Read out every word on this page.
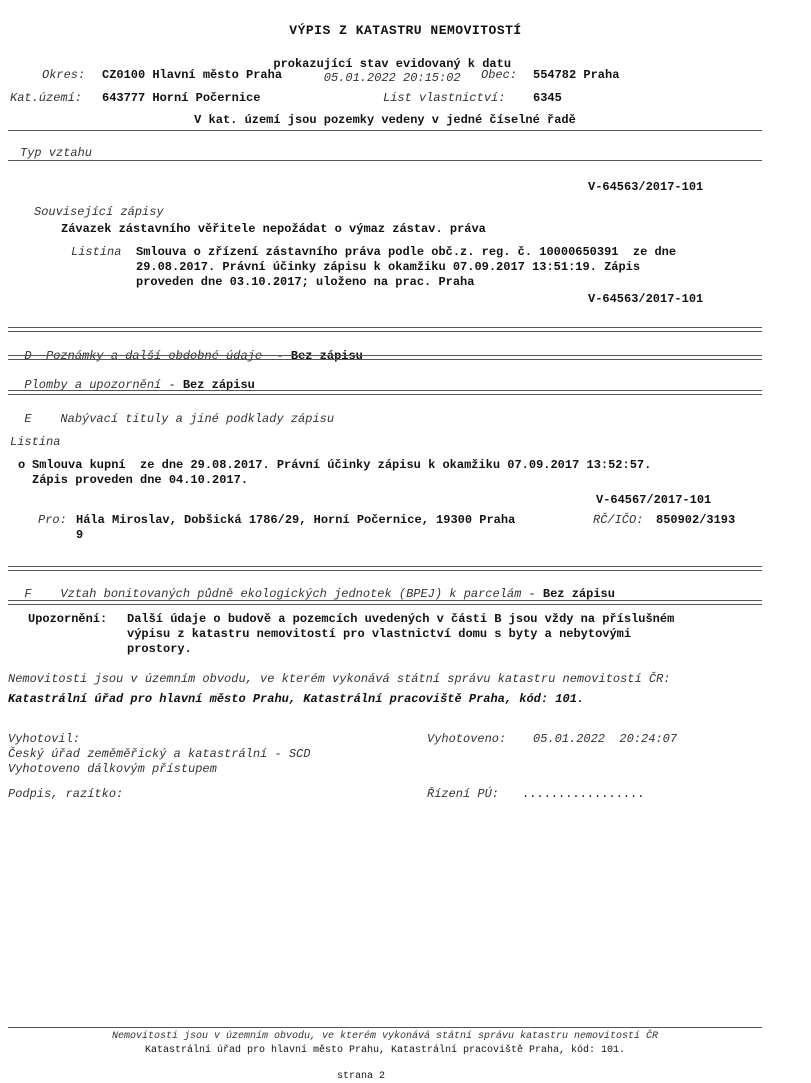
VÝPIS Z KATASTRU NEMOVITOSTÍ

prokazující stav evidovaný k datu
05.01.2022 20:15:02

Okres: CZ0100 Hlavní město Praha	Obec: 554782 Praha
Kat.území: 643777 Horní Počernice	List vlastnictví: 6345
V kat. území jsou pozemky vedeny v jedné číselné řadě
Typ vztahu
V-64563/2017-101
Související zápisy
Závazek zástavního věřitele nepožádat o výmaz zástav. práva
Listina Smlouva o zřízení zástavního práva podle obč.z. reg. č. 10000650391  ze dne
29.08.2017. Právní účinky zápisu k okamžiku 07.09.2017 13:51:19. Zápis
proveden dne 03.10.2017; uloženo na prac. Praha
V-64563/2017-101

D Poznámky a další obdobné údaje - Bez zápisu

Plomby a upozornění - Bez zápisu

E Nabývací tituly a jiné podklady zápisu

Listina
o Smlouva kupní  ze dne 29.08.2017. Právní účinky zápisu k okamžiku 07.09.2017 13:52:57.
Zápis proveden dne 04.10.2017.
V-64567/2017-101
Pro: Hála Miroslav, Dobšická 1786/29, Horní Počernice, 19300 Praha
9
RČ/IČO: 850902/3193

F Vztah bonitovaných půdně ekologických jednotek (BPEJ) k parcelám - Bez zápisu

Upozornění: Další údaje o budově a pozemcích uvedených v části B jsou vždy na příslušném
výpisu z katastru nemovitostí pro vlastnictví domu s byty a nebytovými
prostory.
Nemovitosti jsou v územním obvodu, ve kterém vykonává státní správu katastru nemovitostí ČR:
Katastrální úřad pro hlavní město Prahu, Katastrální pracoviště Praha, kód: 101.
Vyhotovil:
Český úřad zeměměřický a katastrální - SCD
Vyhotoveno dálkovým přístupem
Vyhotoveno: 05.01.2022  20:24:07
Podpis, razítko:	Řízení PÚ: .................
Nemovitosti jsou v územním obvodu, ve kterém vykonává státní správu katastru nemovitostí ČR
Katastrální úřad pro hlavní město Prahu, Katastrální pracoviště Praha, kód: 101.

strana 2
